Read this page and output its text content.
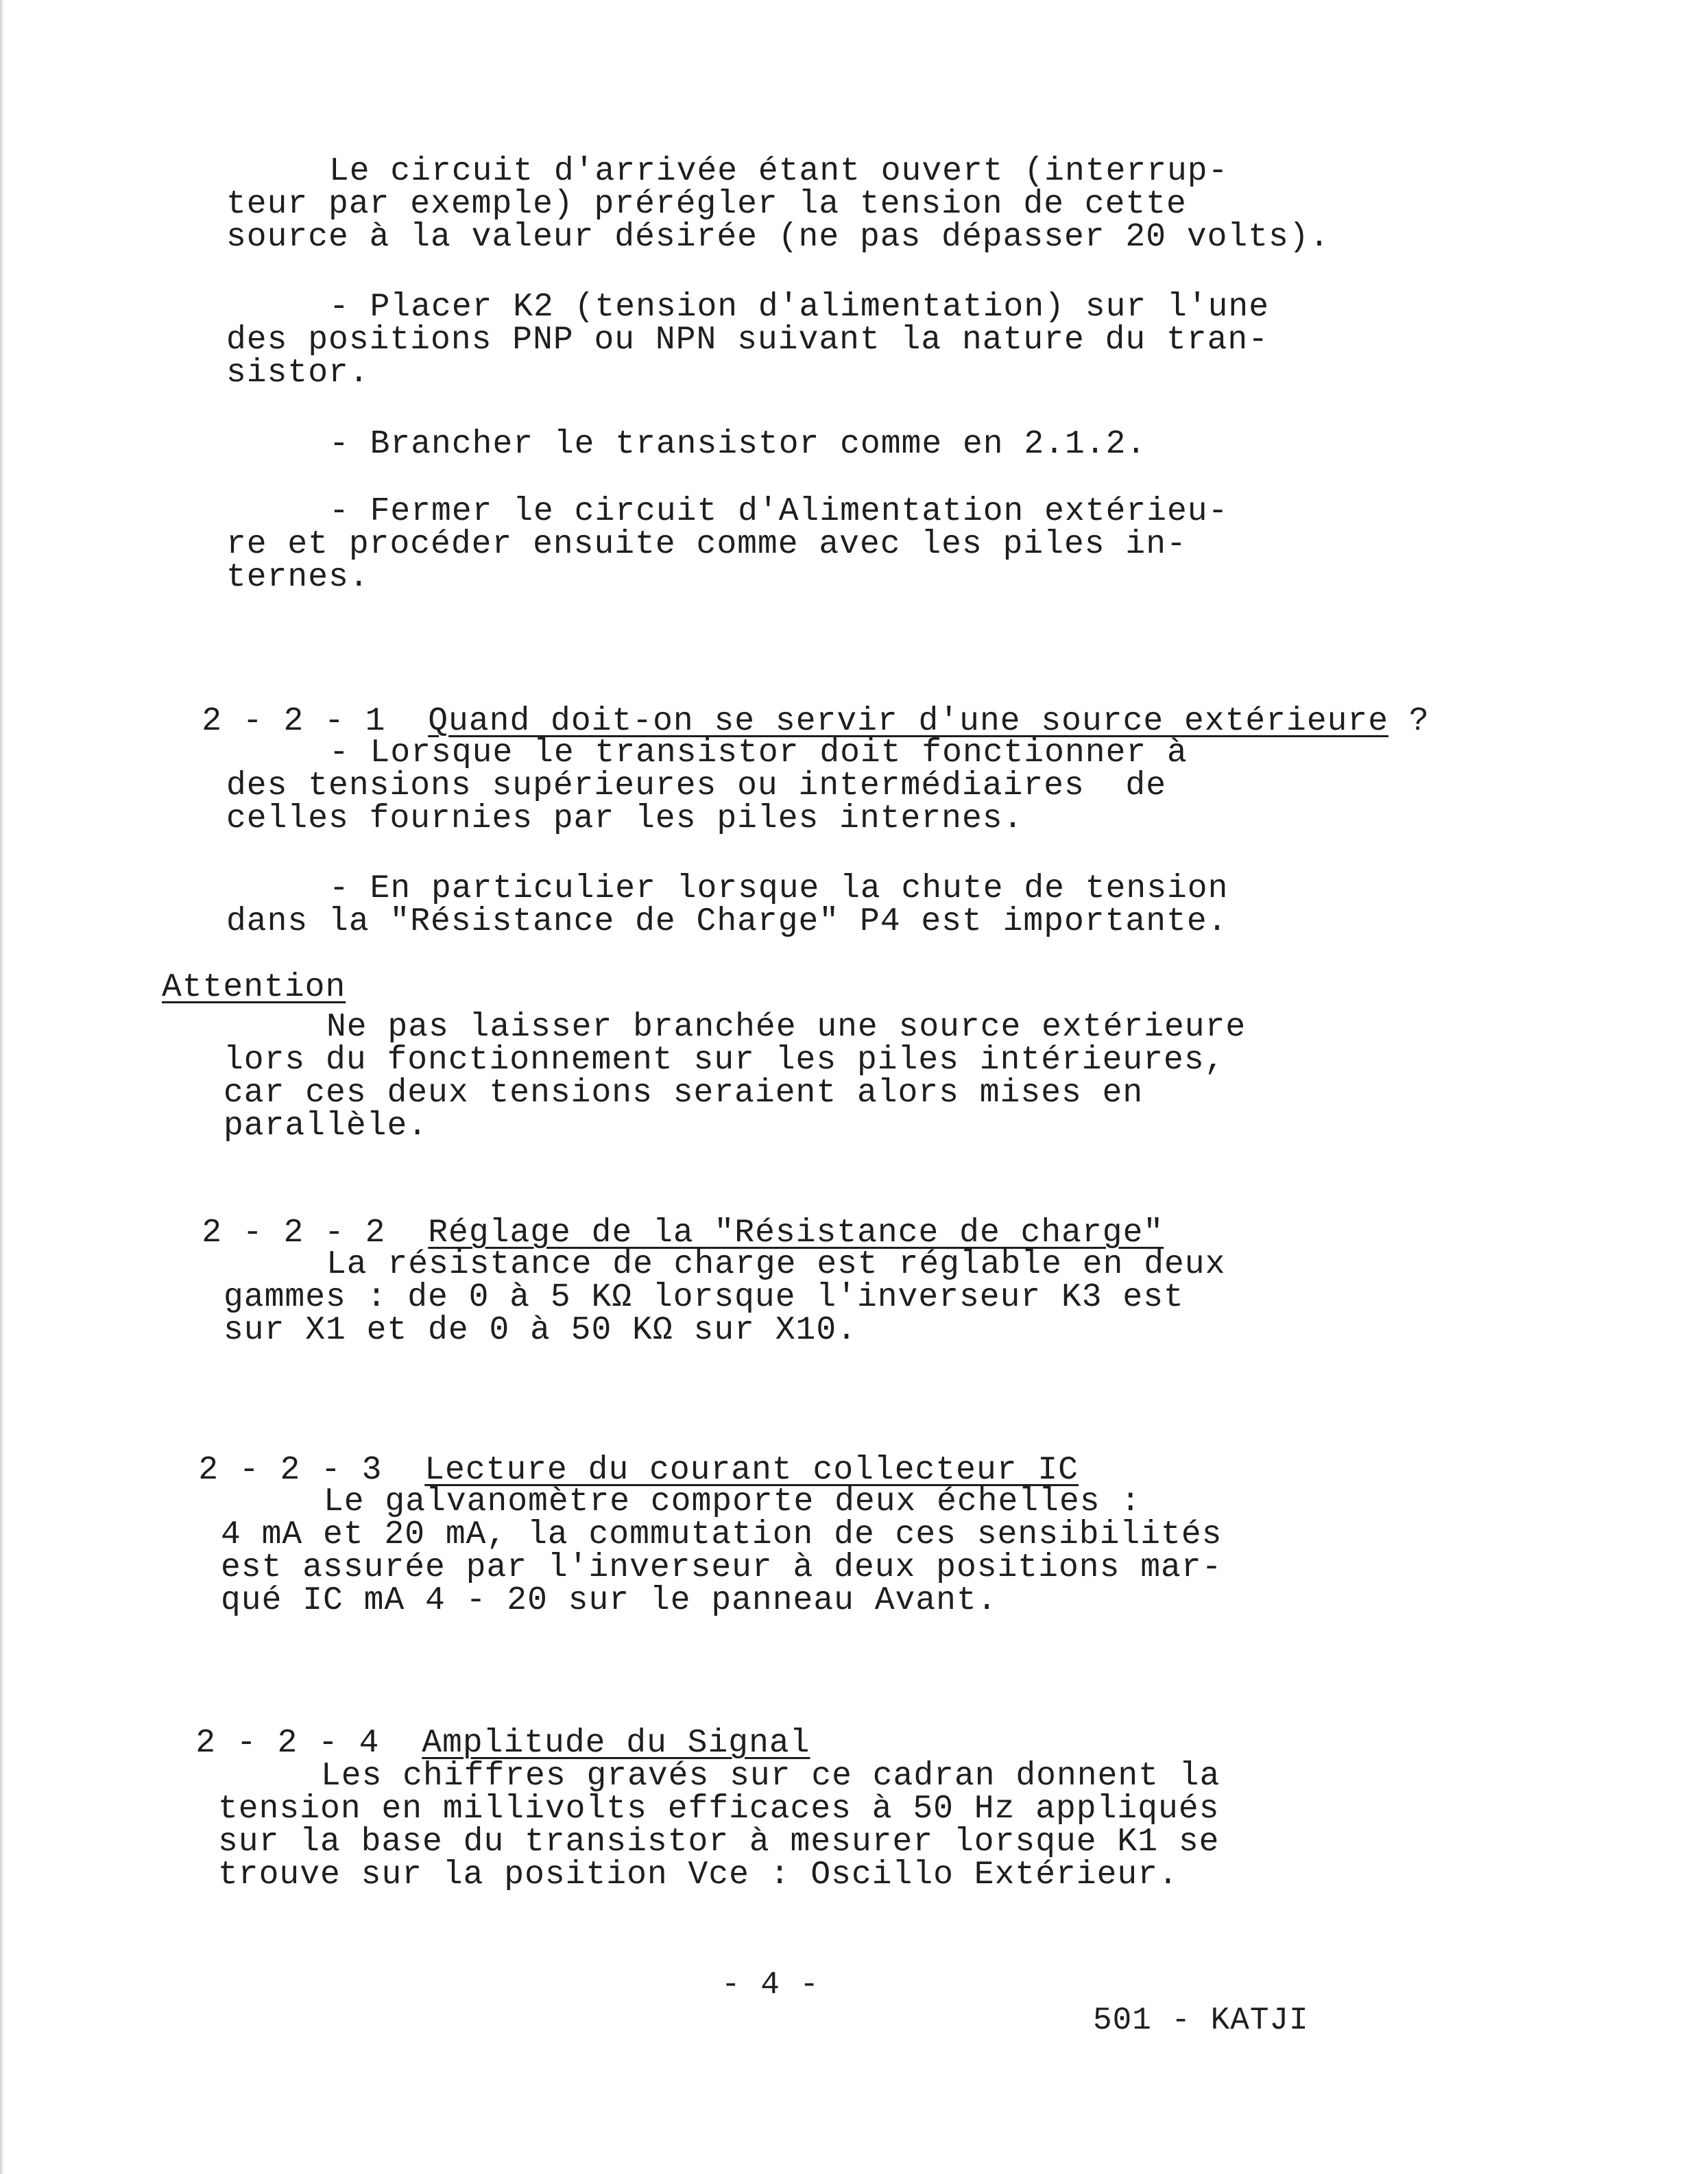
Le circuit d'arrivée étant ouvert (interrup-
teur par exemple) prérégler la tension de cette
source à la valeur désirée (ne pas dépasser 20 volts).
- Placer K2 (tension d'alimentation) sur l'une
des positions PNP ou NPN suivant la nature du tran-
sistor.
- Brancher le transistor comme en 2.1.2.
- Fermer le circuit d'Alimentation extérieu-
re et procéder ensuite comme avec les piles in-
ternes.

2 - 2 - 1 Quand doit-on se servir d'une source extérieure ?

- Lorsque le transistor doit fonctionner à
des tensions supérieures ou intermédiaires  de
celles fournies par les piles internes.
- En particulier lorsque la chute de tension
dans la "Résistance de Charge" P4 est importante.
Attention
Ne pas laisser branchée une source extérieure
lors du fonctionnement sur les piles intérieures,
car ces deux tensions seraient alors mises en
parallèle.

2 - 2 - 2 Réglage de la "Résistance de charge"

La résistance de charge est réglable en deux
gammes : de 0 à 5 KΩ lorsque l'inverseur K3 est
sur X1 et de 0 à 50 KΩ sur X10.

2 - 2 - 3 Lecture du courant collecteur IC

Le galvanomètre comporte deux échelles :
4 mA et 20 mA, la commutation de ces sensibilités
est assurée par l'inverseur à deux positions mar-
qué IC mA 4 - 20 sur le panneau Avant.

2 - 2 - 4 Amplitude du Signal

Les chiffres gravés sur ce cadran donnent la
tension en millivolts efficaces à 50 Hz appliqués
sur la base du transistor à mesurer lorsque K1 se
trouve sur la position Vce : Oscillo Extérieur.
- 4 -
501 - KATJI
